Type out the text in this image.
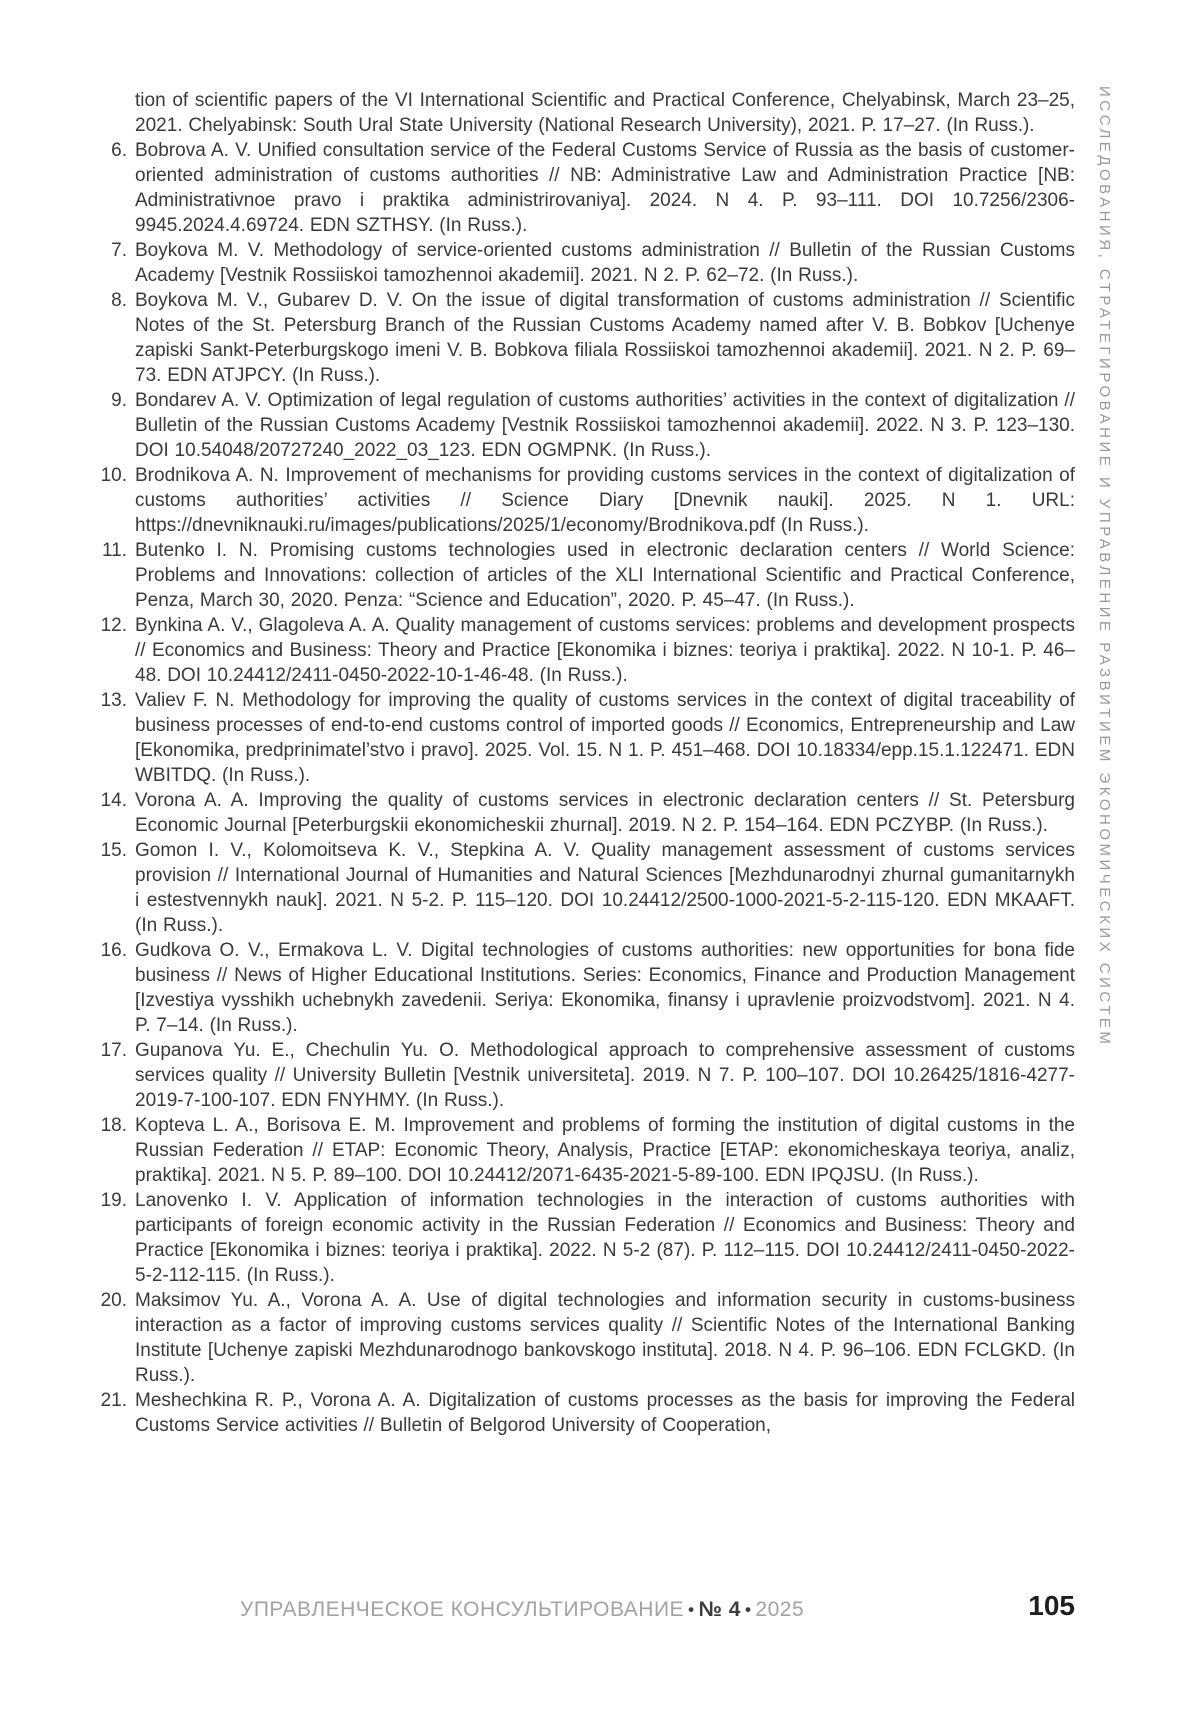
tion of scientific papers of the VI International Scientific and Practical Conference, Chelyabinsk, March 23–25, 2021. Chelyabinsk: South Ural State University (National Research University), 2021. P. 17–27. (In Russ.).
6. Bobrova A. V. Unified consultation service of the Federal Customs Service of Russia as the basis of customer-oriented administration of customs authorities // NB: Administrative Law and Administration Practice [NB: Administrativnoe pravo i praktika administrirovaniya]. 2024. N 4. P. 93–111. DOI 10.7256/2306-9945.2024.4.69724. EDN SZTHSY. (In Russ.).
7. Boykova M. V. Methodology of service-oriented customs administration // Bulletin of the Russian Customs Academy [Vestnik Rossiiskoi tamozhennoi akademii]. 2021. N 2. P. 62–72. (In Russ.).
8. Boykova M. V., Gubarev D. V. On the issue of digital transformation of customs administration // Scientific Notes of the St. Petersburg Branch of the Russian Customs Academy named after V. B. Bobkov [Uchenye zapiski Sankt-Peterburgskogo imeni V. B. Bobkova filiala Rossiiskoi tamozhennoi akademii]. 2021. N 2. P. 69–73. EDN ATJPCY. (In Russ.).
9. Bondarev A. V. Optimization of legal regulation of customs authorities’ activities in the context of digitalization // Bulletin of the Russian Customs Academy [Vestnik Rossiiskoi tamozhennoi akademii]. 2022. N 3. P. 123–130. DOI 10.54048/20727240_2022_03_123. EDN OGMPNK. (In Russ.).
10. Brodnikova A. N. Improvement of mechanisms for providing customs services in the context of digitalization of customs authorities’ activities // Science Diary [Dnevnik nauki]. 2025. N 1. URL: https://dnevniknauki.ru/images/publications/2025/1/economy/Brodnikova.pdf (In Russ.).
11. Butenko I. N. Promising customs technologies used in electronic declaration centers // World Science: Problems and Innovations: collection of articles of the XLI International Scientific and Practical Conference, Penza, March 30, 2020. Penza: “Science and Education”, 2020. P. 45–47. (In Russ.).
12. Bynkina A. V., Glagoleva A. A. Quality management of customs services: problems and development prospects // Economics and Business: Theory and Practice [Ekonomika i biznes: teoriya i praktika]. 2022. N 10-1. P. 46–48. DOI 10.24412/2411-0450-2022-10-1-46-48. (In Russ.).
13. Valiev F. N. Methodology for improving the quality of customs services in the context of digital traceability of business processes of end-to-end customs control of imported goods // Economics, Entrepreneurship and Law [Ekonomika, predprinimatel’stvo i pravo]. 2025. Vol. 15. N 1. P. 451–468. DOI 10.18334/epp.15.1.122471. EDN WBITDQ. (In Russ.).
14. Vorona A. A. Improving the quality of customs services in electronic declaration centers // St. Petersburg Economic Journal [Peterburgskii ekonomicheskii zhurnal]. 2019. N 2. P. 154–164. EDN PCZYBP. (In Russ.).
15. Gomon I. V., Kolomoitseva K. V., Stepkina A. V. Quality management assessment of customs services provision // International Journal of Humanities and Natural Sciences [Mezhdunarodnyi zhurnal gumanitarnykh i estestvennykh nauk]. 2021. N 5-2. P. 115–120. DOI 10.24412/2500-1000-2021-5-2-115-120. EDN MKAAFT. (In Russ.).
16. Gudkova O. V., Ermakova L. V. Digital technologies of customs authorities: new opportunities for bona fide business // News of Higher Educational Institutions. Series: Economics, Finance and Production Management [Izvestiya vysshikh uchebnykh zavedenii. Seriya: Ekonomika, finansy i upravlenie proizvodstvom]. 2021. N 4. P. 7–14. (In Russ.).
17. Gupanova Yu. E., Chechulin Yu. O. Methodological approach to comprehensive assessment of customs services quality // University Bulletin [Vestnik universiteta]. 2019. N 7. P. 100–107. DOI 10.26425/1816-4277-2019-7-100-107. EDN FNYHMY. (In Russ.).
18. Kopteva L. A., Borisova E. M. Improvement and problems of forming the institution of digital customs in the Russian Federation // ETAP: Economic Theory, Analysis, Practice [ETAP: ekonomicheskaya teoriya, analiz, praktika]. 2021. N 5. P. 89–100. DOI 10.24412/2071-6435-2021-5-89-100. EDN IPQJSU. (In Russ.).
19. Lanovenko I. V. Application of information technologies in the interaction of customs authorities with participants of foreign economic activity in the Russian Federation // Economics and Business: Theory and Practice [Ekonomika i biznes: teoriya i praktika]. 2022. N 5-2 (87). P. 112–115. DOI 10.24412/2411-0450-2022-5-2-112-115. (In Russ.).
20. Maksimov Yu. A., Vorona A. A. Use of digital technologies and information security in customs-business interaction as a factor of improving customs services quality // Scientific Notes of the International Banking Institute [Uchenye zapiski Mezhdunarodnogo bankovskogo instituta]. 2018. N 4. P. 96–106. EDN FCLGKD. (In Russ.).
21. Meshechkina R. P., Vorona A. A. Digitalization of customs processes as the basis for improving the Federal Customs Service activities // Bulletin of Belgorod University of Cooperation,
ИССЛЕДОВАНИЯ, СТРАТЕГИРОВАНИЕ И УПРАВЛЕНИЕ РАЗВИТИЕМ ЭКОНОМИЧЕСКИХ СИСТЕМ
УПРАВЛЕНЧЕСКОЕ КОНСУЛЬТИРОВАНИЕ • № 4 • 2025	105
